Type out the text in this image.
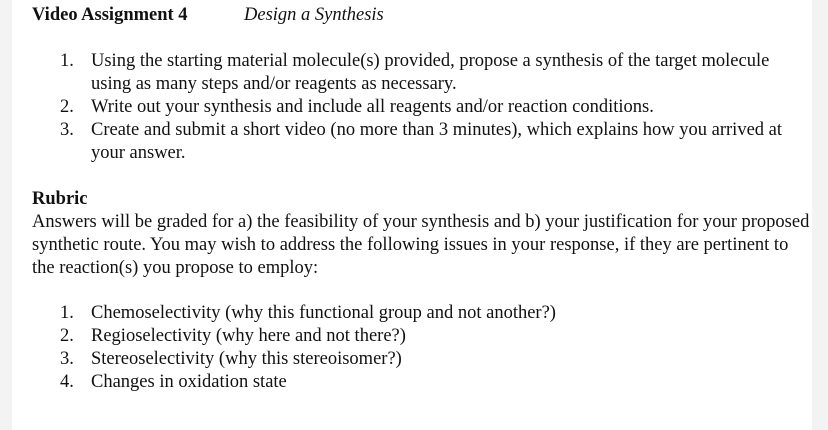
Video Assignment 4	Design a Synthesis
1. Using the starting material molecule(s) provided, propose a synthesis of the target molecule using as many steps and/or reagents as necessary.
2. Write out your synthesis and include all reagents and/or reaction conditions.
3. Create and submit a short video (no more than 3 minutes), which explains how you arrived at your answer.
Rubric
Answers will be graded for a) the feasibility of your synthesis and b) your justification for your proposed synthetic route. You may wish to address the following issues in your response, if they are pertinent to the reaction(s) you propose to employ:
1. Chemoselectivity (why this functional group and not another?)
2. Regioselectivity (why here and not there?)
3. Stereoselectivity (why this stereoisomer?)
4. Changes in oxidation state
